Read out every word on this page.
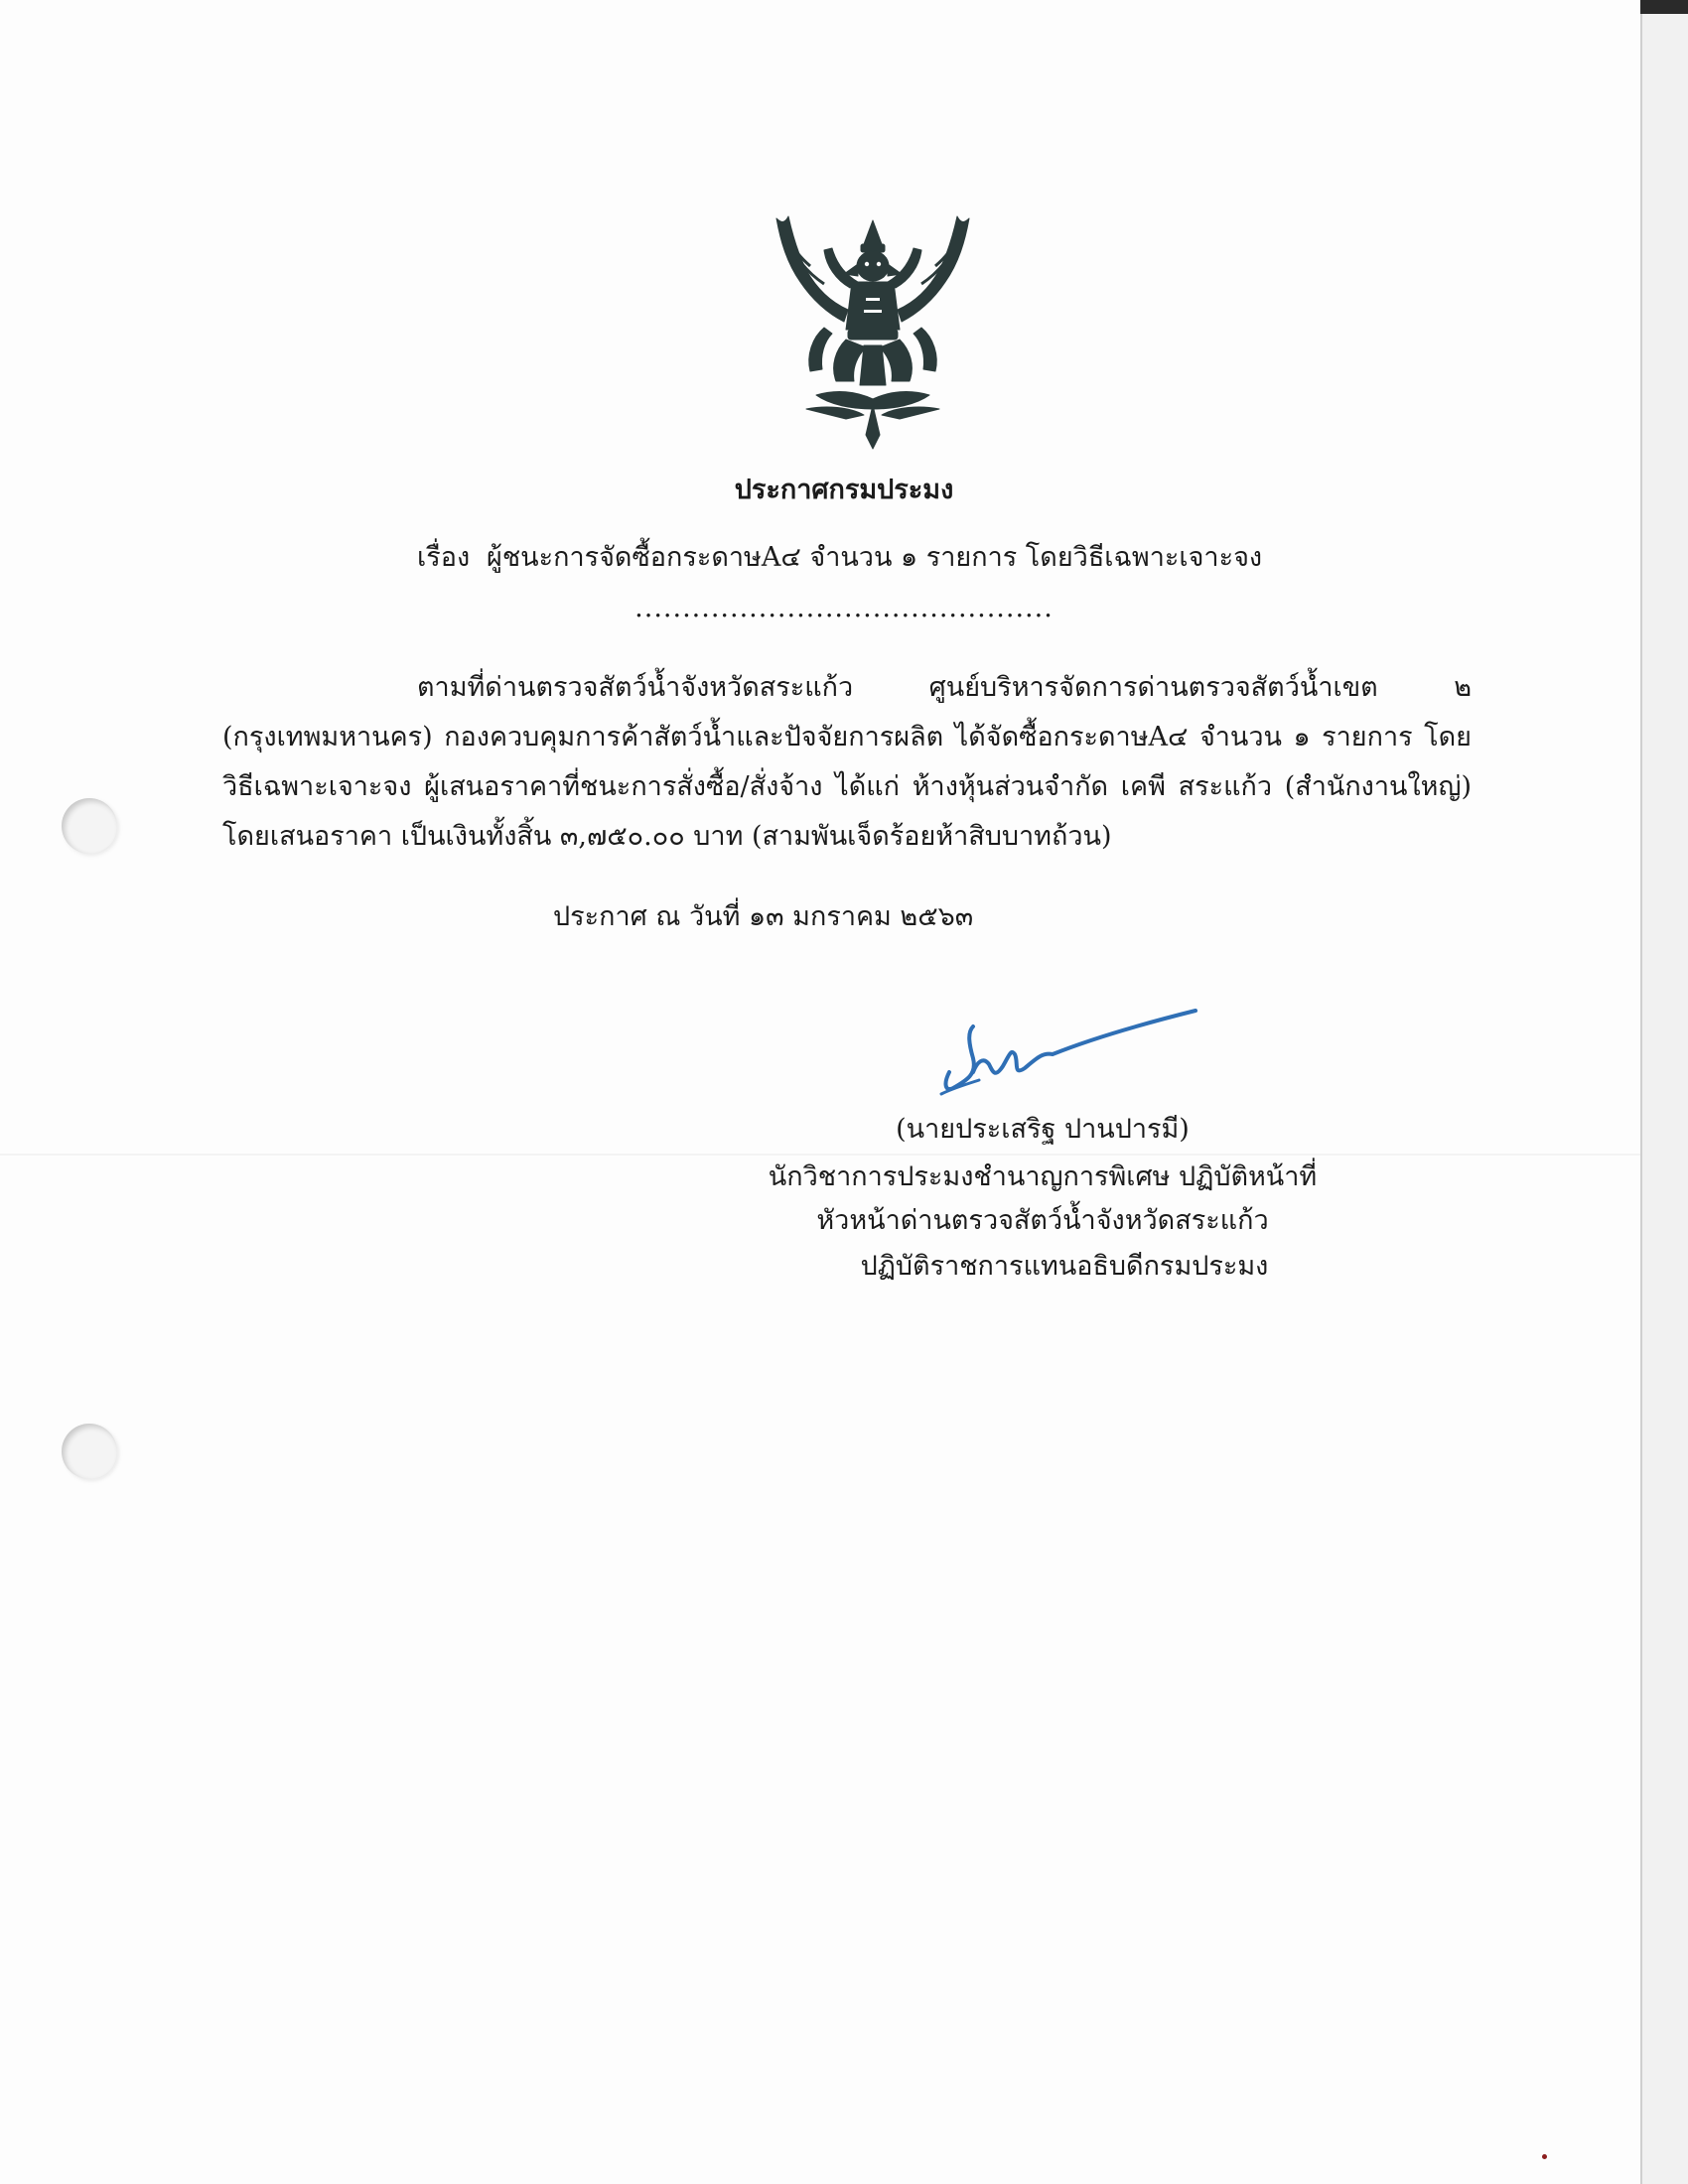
ประกาศกรมประมง
เรื่อง ผู้ชนะการจัดซื้อกระดาษA๔ จำนวน ๑ รายการ โดยวิธีเฉพาะเจาะจง
............................................
ตามที่ด่านตรวจสัตว์น้ำจังหวัดสระแก้ว ศูนย์บริหารจัดการด่านตรวจสัตว์น้ำเขต ๒ (กรุงเทพมหานคร) กองควบคุมการค้าสัตว์น้ำและปัจจัยการผลิต ได้จัดซื้อกระดาษA๔ จำนวน ๑ รายการ โดยวิธีเฉพาะเจาะจง ผู้เสนอราคาที่ชนะการสั่งซื้อ/สั่งจ้าง ได้แก่ ห้างหุ้นส่วนจำกัด เคพี สระแก้ว (สำนักงานใหญ่) โดยเสนอราคา เป็นเงินทั้งสิ้น ๓,๗๕๐.๐๐ บาท (สามพันเจ็ดร้อยห้าสิบบาทถ้วน)
ประกาศ ณ วันที่ ๑๓ มกราคม ๒๕๖๓
(นายประเสริฐ ปานปารมี)
นักวิชาการประมงชำนาญการพิเศษ ปฏิบัติหน้าที่
หัวหน้าด่านตรวจสัตว์น้ำจังหวัดสระแก้ว
ปฏิบัติราชการแทนอธิบดีกรมประมง
